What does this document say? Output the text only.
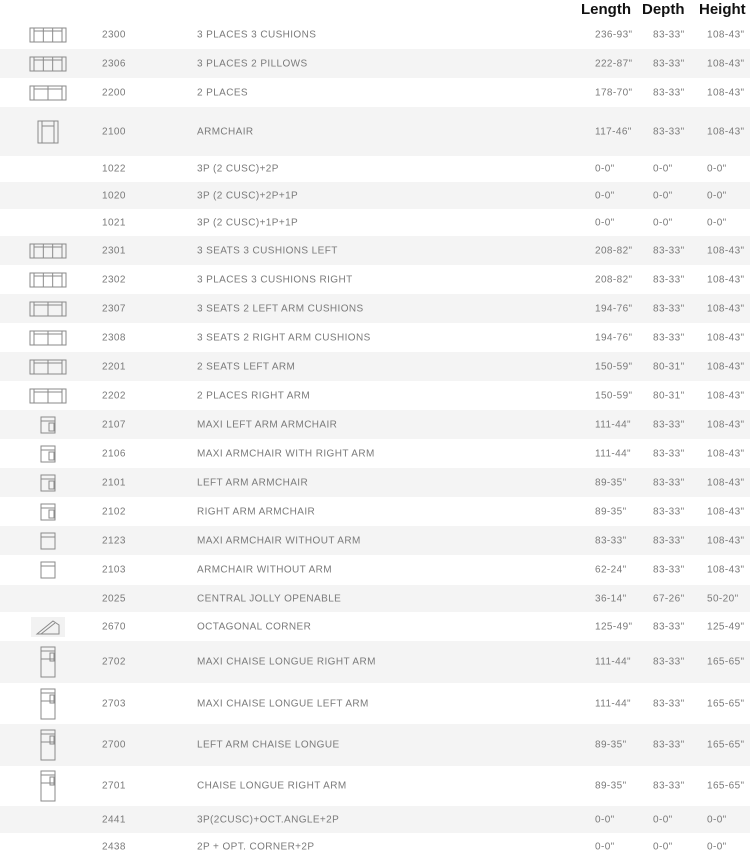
Length Depth Height
2300	3 PLACES 3 CUSHIONS	236-93" 83-33" 108-43"
2306	3 PLACES 2 PILLOWS	222-87" 83-33" 108-43"
2200	2 PLACES	178-70" 83-33" 108-43"
2100	ARMCHAIR	117-46" 83-33" 108-43"
1022	3P (2 CUSC)+2P	0-0"	0-0"	0-0"
1020	3P (2 CUSC)+2P+1P	0-0"	0-0"	0-0"
1021	3P (2 CUSC)+1P+1P	0-0"	0-0"	0-0"
2301	3 SEATS 3 CUSHIONS LEFT	208-82" 83-33" 108-43"
2302	3 PLACES 3 CUSHIONS RIGHT	208-82" 83-33" 108-43"
2307	3 SEATS 2 LEFT ARM CUSHIONS	194-76" 83-33" 108-43"
2308	3 SEATS 2 RIGHT ARM CUSHIONS	194-76" 83-33" 108-43"
2201	2 SEATS LEFT ARM	150-59" 80-31" 108-43"
2202	2 PLACES RIGHT ARM	150-59" 80-31" 108-43"
2107	MAXI LEFT ARM ARMCHAIR	111-44" 83-33" 108-43"
2106	MAXI ARMCHAIR WITH RIGHT ARM	111-44" 83-33" 108-43"
2101	LEFT ARM ARMCHAIR	89-35"	83-33" 108-43"
2102	RIGHT ARM ARMCHAIR	89-35"	83-33" 108-43"
2123	MAXI ARMCHAIR WITHOUT ARM	83-33"	83-33" 108-43"
2103	ARMCHAIR WITHOUT ARM	62-24"	83-33" 108-43"
2025	CENTRAL JOLLY OPENABLE	36-14"	67-26" 50-20"
2670	OCTAGONAL CORNER	125-49" 83-33" 125-49"
2702	MAXI CHAISE LONGUE RIGHT ARM	111-44" 83-33" 165-65"
2703	MAXI CHAISE LONGUE LEFT ARM	111-44" 83-33" 165-65"
2700	LEFT ARM CHAISE LONGUE	89-35"	83-33" 165-65"
2701	CHAISE LONGUE RIGHT ARM	89-35"	83-33" 165-65"
2441	3P(2CUSC)+OCT.ANGLE+2P	0-0"	0-0"	0-0"
2438	2P + OPT. CORNER+2P	0-0"	0-0"	0-0"
